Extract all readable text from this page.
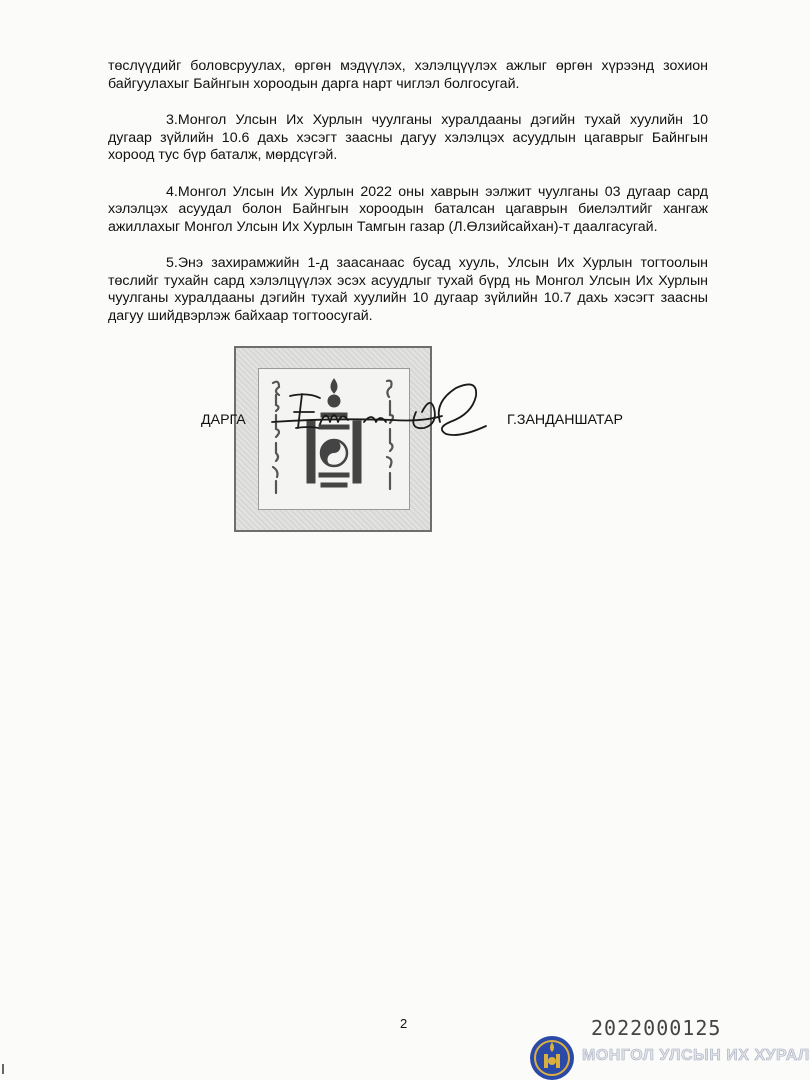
төслүүдийг боловсруулах, өргөн мэдүүлэх, хэлэлцүүлэх ажлыг өргөн хүрээнд зохион байгуулахыг Байнгын хороодын дарга нарт чиглэл болгосугай.

3.Монгол Улсын Их Хурлын чуулганы хуралдааны дэгийн тухай хуулийн 10 дугаар зүйлийн 10.6 дахь хэсэгт заасны дагуу хэлэлцэх асуудлын цагаврыг Байнгын хороод тус бүр баталж, мөрдсүгэй.

4.Монгол Улсын Их Хурлын 2022 оны хаврын ээлжит чуулганы 03 дугаар сард хэлэлцэх асуудал болон Байнгын хороодын баталсан цагаврын биелэлтийг хангаж ажиллахыг Монгол Улсын Их Хурлын Тамгын газар (Л.Өлзийсайхан)-т даалгасугай.

5.Энэ захирамжийн 1-д заасанаас бусад хууль, Улсын Их Хурлын тогтоолын төслийг тухайн сард хэлэлцүүлэх эсэх асуудлыг тухай бүрд нь Монгол Улсын Их Хурлын чуулганы хуралдааны дэгийн тухай хуулийн 10 дугаар зүйлийн 10.7 дахь хэсэгт заасны дагуу шийдвэрлэж байхаар тогтоосугай.

ДАРГА	Г.ЗАНДАНШАТАР
2	2022000125
МОНГОЛ УЛСЫН ИХ ХУРАЛ
